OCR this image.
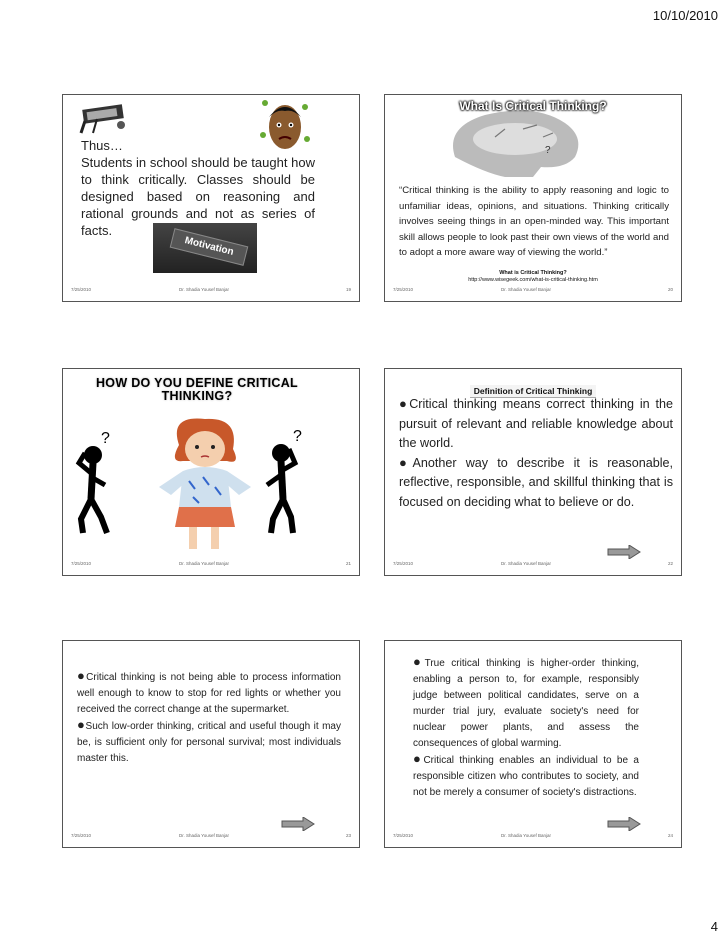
10/10/2010
Thus…
Students in school should be taught how to think critically. Classes should be designed based on reasoning and rational grounds and not as series of facts.
Motivation
7/25/2010	Dr. Shadia Yousef Banjar	19
?
What Is Critical Thinking?
“Critical thinking is the ability to apply reasoning and logic to unfamiliar ideas, opinions, and situations. Thinking critically involves seeing things in an open-minded way. This important skill allows people to look past their own views of the world and to adopt a more aware way of viewing the world.”
What is Critical Thinking?
http://www.wisegeek.com/what-is-critical-thinking.htm
7/25/2010	Dr. Shadia Yousef Banjar	20
HOW DO YOU DEFINE CRITICAL THINKING?
?	?
7/25/2010	Dr. Shadia Yousef Banjar	21
Definition of Critical Thinking
●Critical thinking means correct thinking in the pursuit of relevant and reliable knowledge about the world.
●Another way to describe it is reasonable, reflective, responsible, and skillful thinking that is focused on deciding what to believe or do.
7/25/2010	Dr. Shadia Yousef Banjar	22
●Critical thinking is not being able to process information well enough to know to stop for red lights or whether you received the correct change at the supermarket.
●Such low-order thinking, critical and useful though it may be, is sufficient only for personal survival; most individuals master this.
7/25/2010	Dr. Shadia Yousef Banjar	23
●True critical thinking is higher-order thinking, enabling a person to, for example, responsibly judge between political candidates, serve on a murder trial jury, evaluate society's need for nuclear power plants, and assess the consequences of global warming.
●Critical thinking enables an individual to be a responsible citizen who contributes to society, and not be merely a consumer of society's distractions.
7/25/2010	Dr. Shadia Yousef Banjar	24
4
